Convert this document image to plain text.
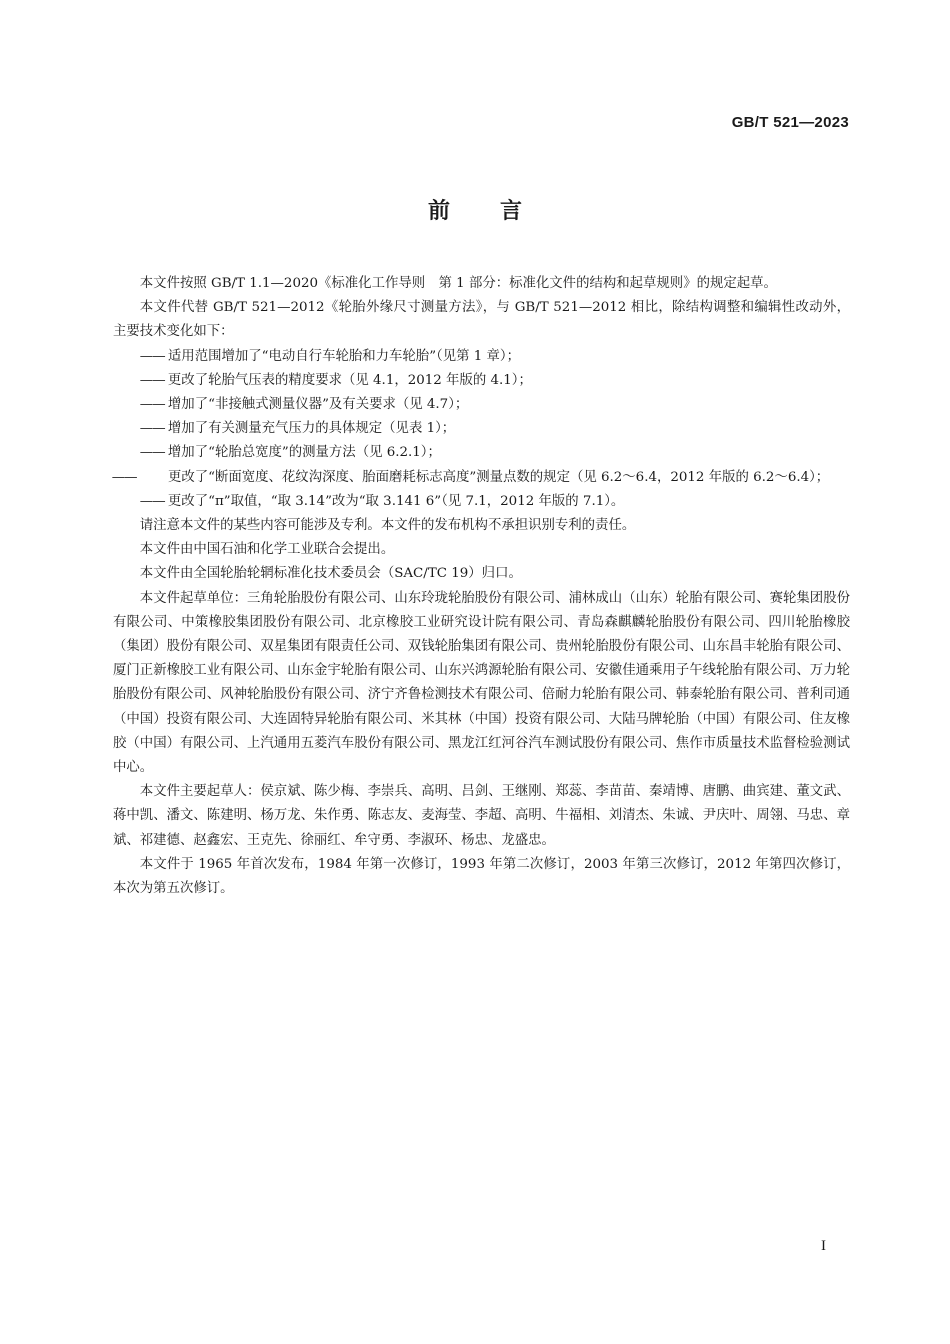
GB/T 521—2023
前 言

本文件按照 GB/T 1.1—2020《标准化工作导则　第 1 部分：标准化文件的结构和起草规则》的规定起草。

本文件代替 GB/T 521—2012《轮胎外缘尺寸测量方法》，与 GB/T 521—2012 相比，除结构调整和编辑性改动外，主要技术变化如下：

—— 适用范围增加了“电动自行车轮胎和力车轮胎”（见第 1 章）；

—— 更改了轮胎气压表的精度要求（见 4.1，2012 年版的 4.1）；

—— 增加了“非接触式测量仪器”及有关要求（见 4.7）；

—— 增加了有关测量充气压力的具体规定（见表 1）；

—— 增加了“轮胎总宽度”的测量方法（见 6.2.1）；

—— 更改了“断面宽度、花纹沟深度、胎面磨耗标志高度”测量点数的规定（见 6.2～6.4，2012 年版的 6.2～6.4）；

—— 更改了“π”取值，“取 3.14”改为“取 3.141 6”（见 7.1，2012 年版的 7.1）。

请注意本文件的某些内容可能涉及专利。本文件的发布机构不承担识别专利的责任。

本文件由中国石油和化学工业联合会提出。

本文件由全国轮胎轮辋标准化技术委员会（SAC/TC 19）归口。

本文件起草单位：三角轮胎股份有限公司、山东玲珑轮胎股份有限公司、浦林成山（山东）轮胎有限公司、赛轮集团股份有限公司、中策橡胶集团股份有限公司、北京橡胶工业研究设计院有限公司、青岛森麒麟轮胎股份有限公司、四川轮胎橡胶（集团）股份有限公司、双星集团有限责任公司、双钱轮胎集团有限公司、贵州轮胎股份有限公司、山东昌丰轮胎有限公司、厦门正新橡胶工业有限公司、山东金宇轮胎有限公司、山东兴鸿源轮胎有限公司、安徽佳通乘用子午线轮胎有限公司、万力轮胎股份有限公司、风神轮胎股份有限公司、济宁齐鲁检测技术有限公司、倍耐力轮胎有限公司、韩泰轮胎有限公司、普利司通（中国）投资有限公司、大连固特异轮胎有限公司、米其林（中国）投资有限公司、大陆马牌轮胎（中国）有限公司、住友橡胶（中国）有限公司、上汽通用五菱汽车股份有限公司、黑龙江红河谷汽车测试股份有限公司、焦作市质量技术监督检验测试中心。

本文件主要起草人：侯京斌、陈少梅、李崇兵、高明、吕剑、王继刚、郑蕊、李苗苗、秦靖博、唐鹏、曲宾建、董文武、蒋中凯、潘文、陈建明、杨万龙、朱作勇、陈志友、麦海莹、李超、高明、牛福相、刘清杰、朱诚、尹庆叶、周翎、马忠、章斌、祁建德、赵鑫宏、王克先、徐丽红、牟守勇、李淑环、杨忠、龙盛忠。

本文件于 1965 年首次发布，1984 年第一次修订，1993 年第二次修订，2003 年第三次修订，2012 年第四次修订，本次为第五次修订。

I
